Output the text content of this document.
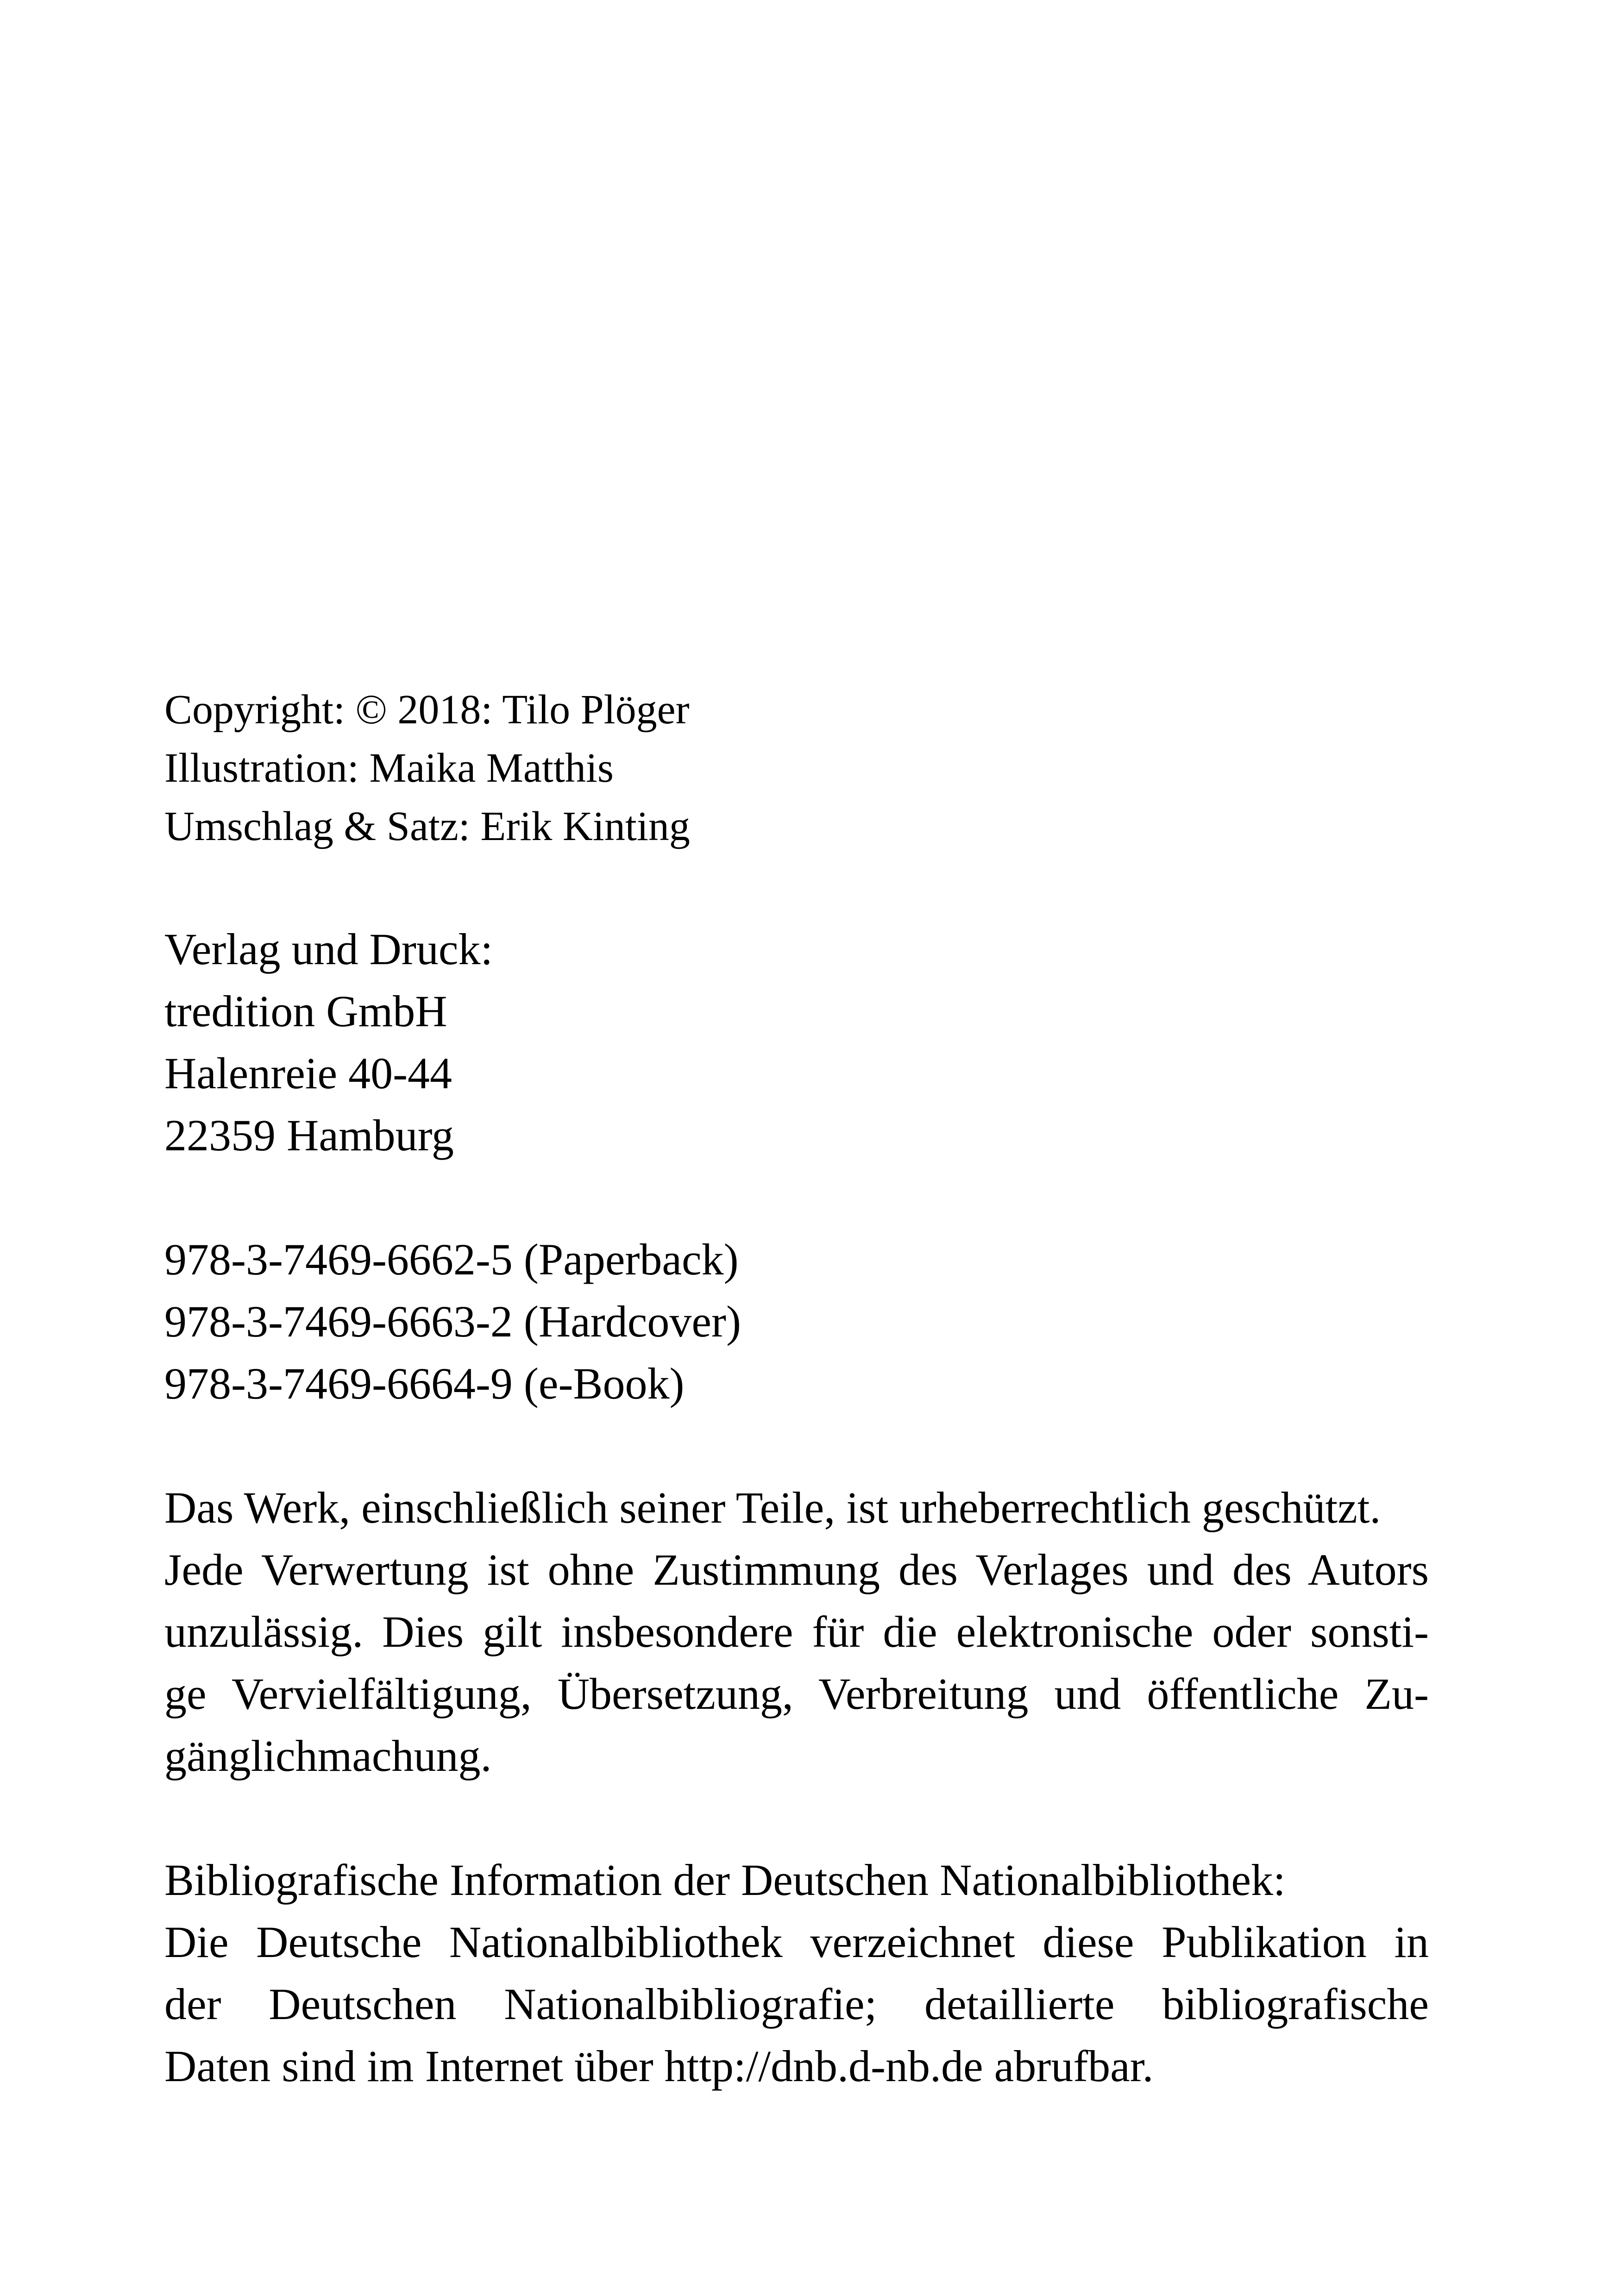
Copyright: © 2018: Tilo Plöger

Illustration: Maika Matthis

Umschlag & Satz: Erik Kinting

Verlag und Druck:

tredition GmbH

Halenreie 40-44

22359 Hamburg

978-3-7469-6662-5 (Paperback)

978-3-7469-6663-2 (Hardcover)

978-3-7469-6664-9 (e-Book)

Das Werk, einschließlich seiner Teile, ist urheberrechtlich geschützt.

Jede Verwertung ist ohne Zustimmung des Verlages und des Autors

unzulässig. Dies gilt insbesondere für die elektronische oder sonsti-

ge Vervielfältigung, Übersetzung, Verbreitung und öffentliche Zu-

gänglichmachung.

Bibliografische Information der Deutschen Nationalbibliothek:

Die Deutsche Nationalbibliothek verzeichnet diese Publikation in

der Deutschen Nationalbibliografie; detaillierte bibliografische

Daten sind im Internet über http://dnb.d-nb.de abrufbar.
